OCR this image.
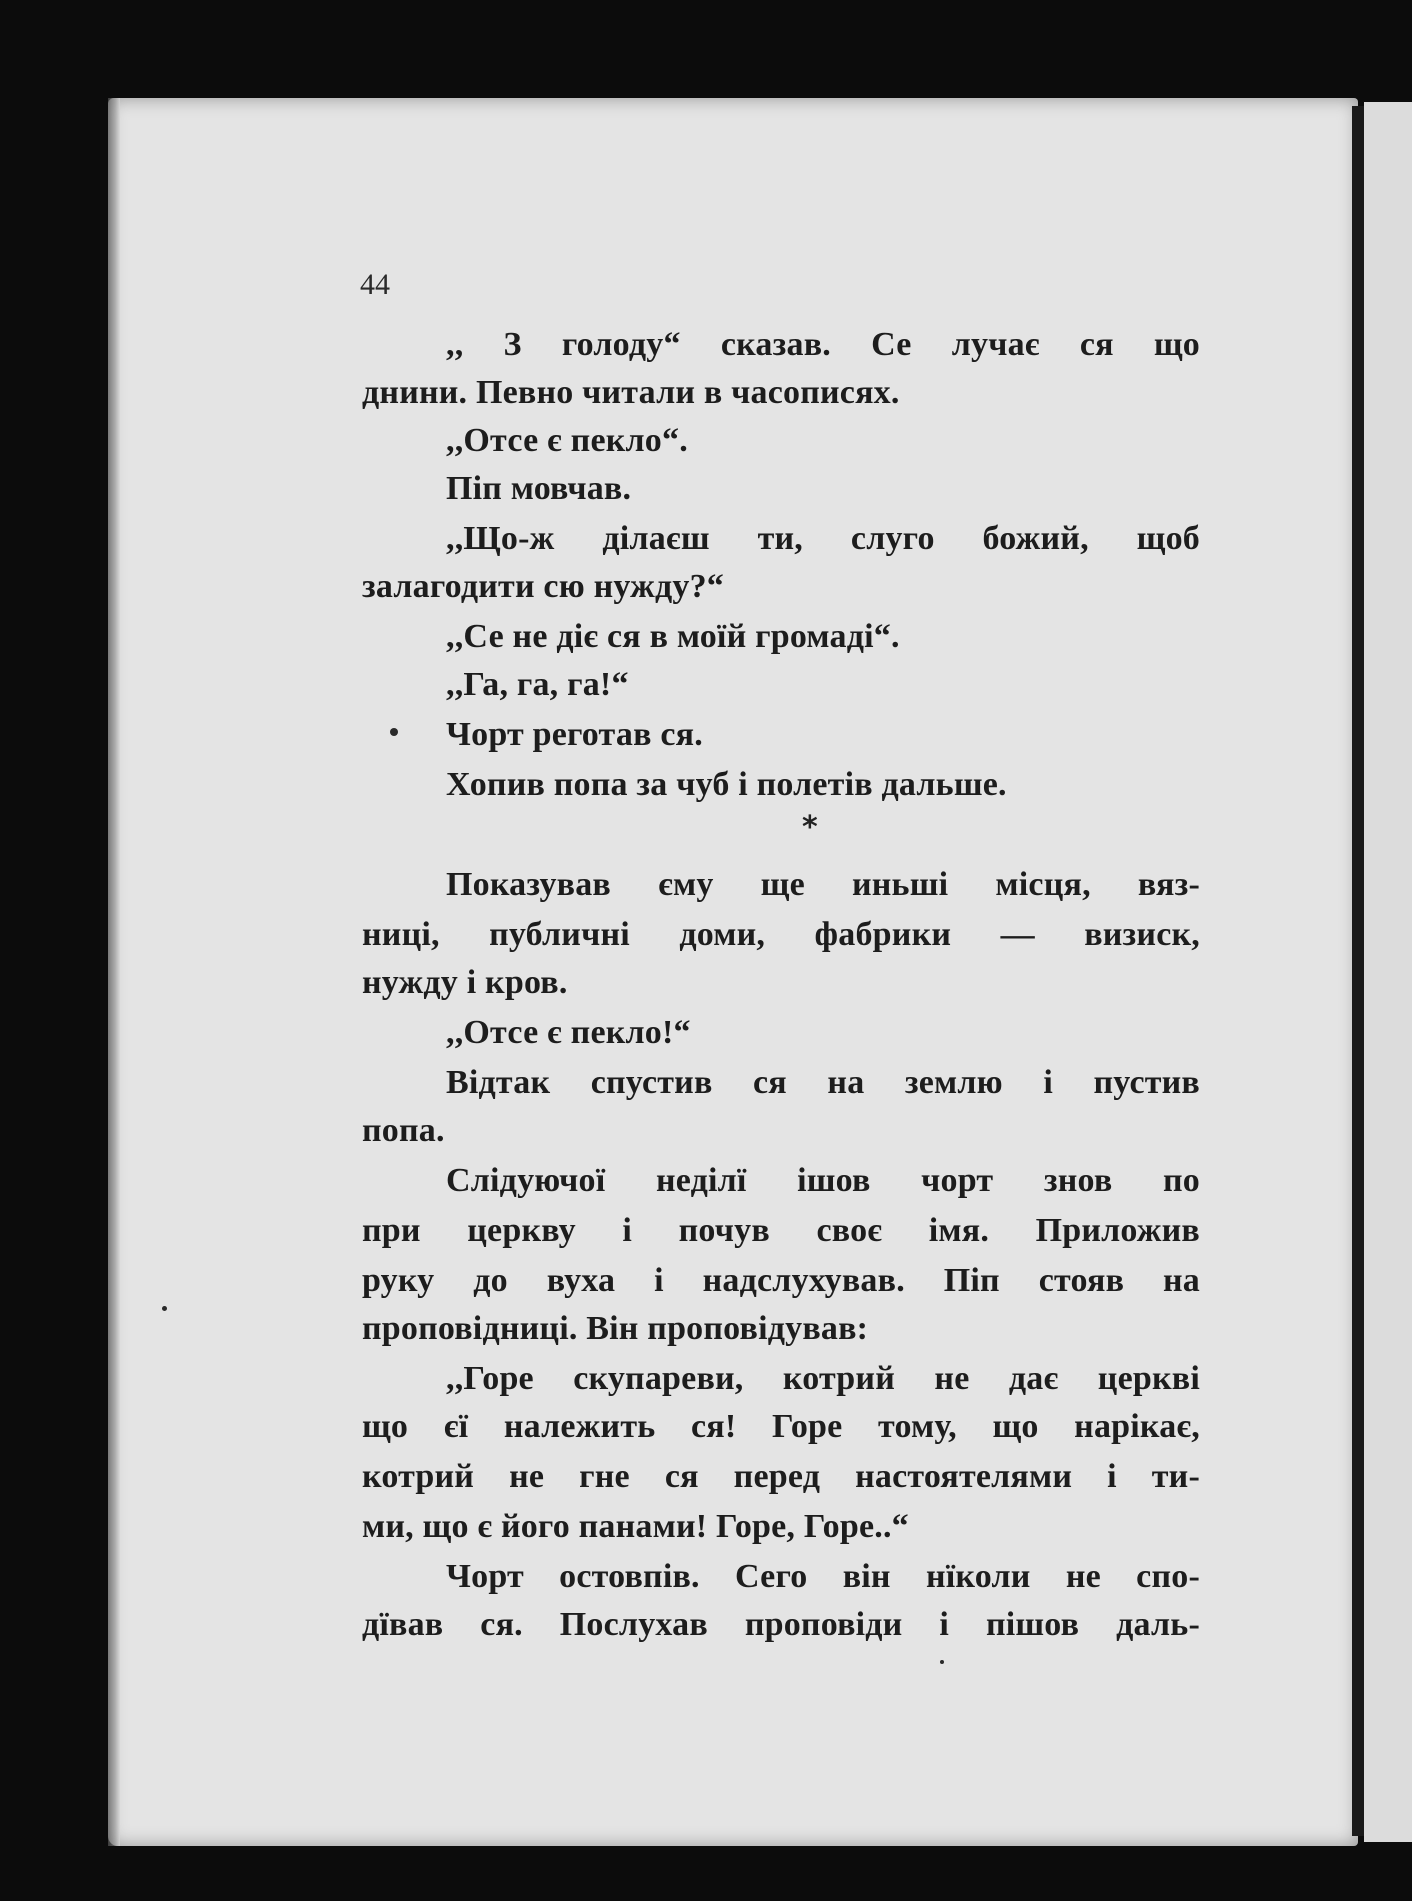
44
,, З голоду“ сказав. Се лучає ся що
днини. Певно читали в часописях.
,,Отсе є пекло“.
Піп мовчав.
,,Що-ж ділаєш ти, слуго божий, щоб
залагодити сю нужду?“
,,Се не діє ся в моїй громаді“.
,,Га, га, га!“
Чорт реготав ся.
Хопив попа за чуб і полетів дальше.
*
Показував єму ще иньші місця, вяз-
ниці, публичні доми, фабрики — визиск,
нужду і кров.
,,Отсе є пекло!“
Відтак спустив ся на землю і пустив
попа.
Слідуючої неділї ішов чорт знов по
при церкву і почув своє імя. Приложив
руку до вуха і надслухував. Піп стояв на
проповідниці. Він проповідував:
,,Горе скупареви, котрий не дає церкві
що єї належить ся! Горе тому, що нарікає,
котрий не гне ся перед настоятелями і ти-
ми, що є його панами! Горе, Горе..“
Чорт остовпів. Сего він нїколи не спо-
дївав ся. Послухав проповіди і пішов даль-
